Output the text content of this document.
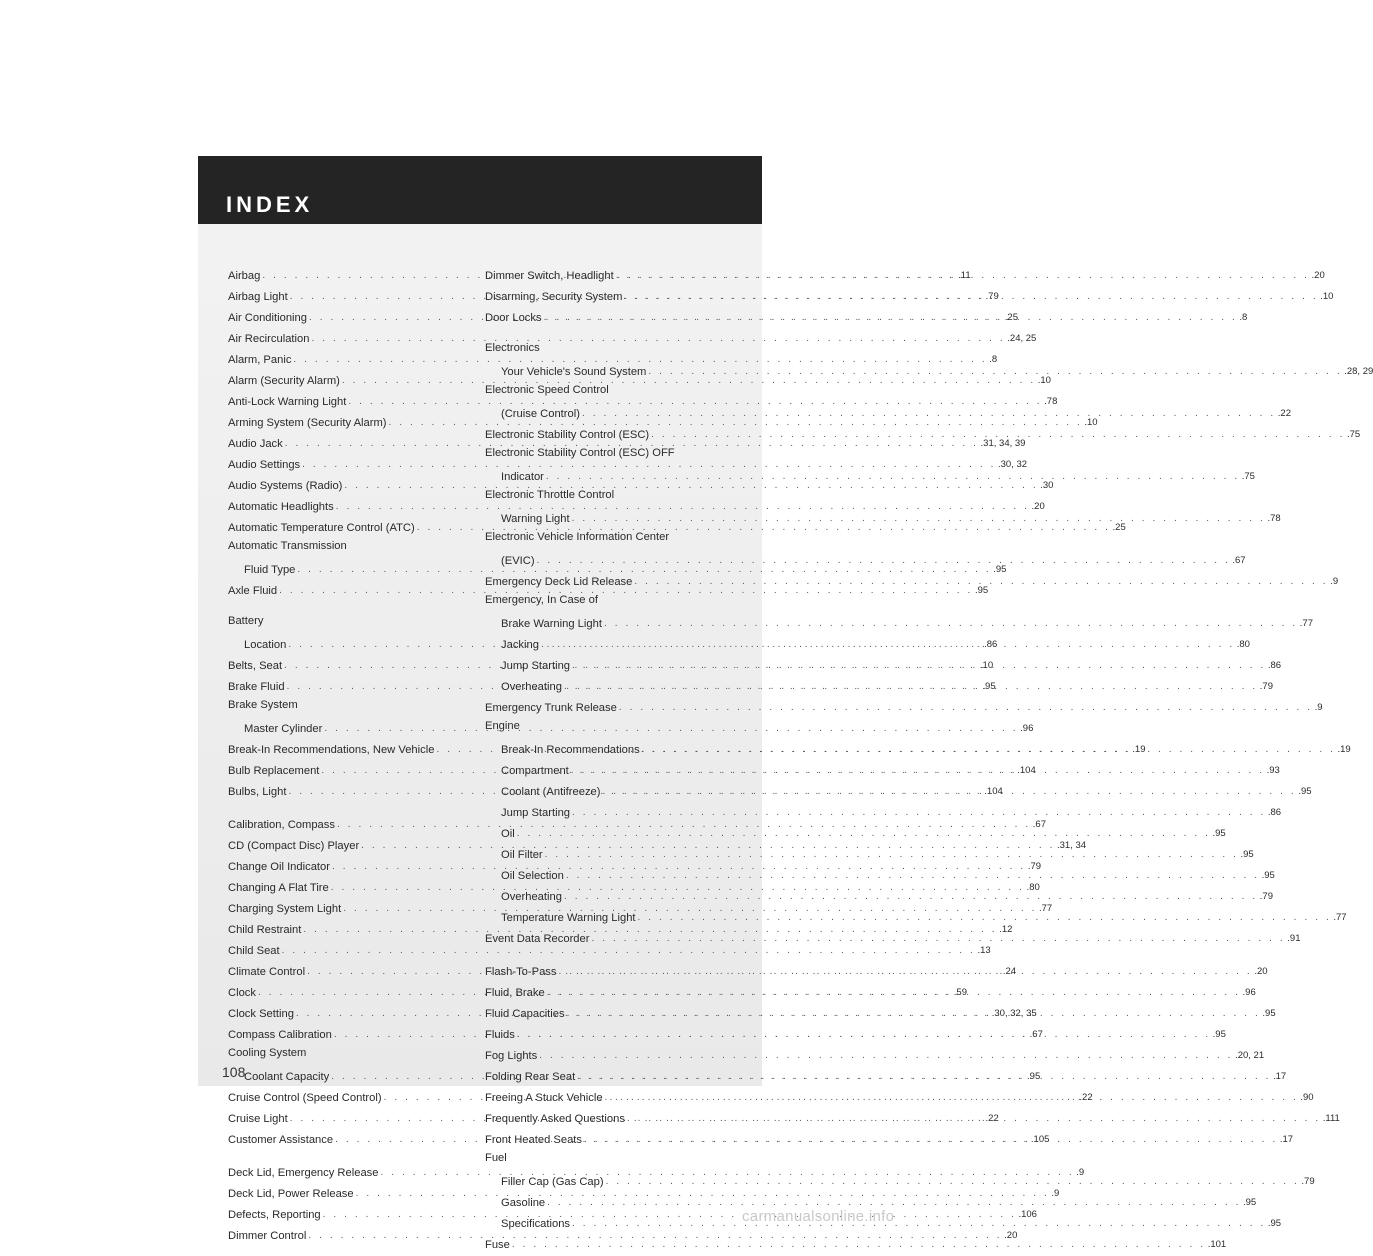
INDEX
Airbag . . .	.11
Airbag Light . . .	.79
Air Conditioning . . .	.25
Air Recirculation . . .	.24, 25
Alarm, Panic . . .	.8
Alarm (Security Alarm) . . .	.10
Anti-Lock Warning Light . . .	.78
Arming System (Security Alarm) . . .	.10
Audio Jack . . .	.31, 34, 39
Audio Settings . . .	.30, 32
Audio Systems (Radio) . . .	.30
Automatic Headlights . . .	.20
Automatic Temperature Control (ATC) . . .	.25
Automatic Transmission
Fluid Type . . .	.95
Axle Fluid . . .	.95
Battery
Location . . .	.86
Belts, Seat . . .	.10
Brake Fluid . . .	.95
Brake System
Master Cylinder . . .	.96
Break-In Recommendations, New Vehicle . . .	.19
Bulb Replacement . . .	.104
Bulbs, Light . . .	.104
Calibration, Compass . . .	.67
CD (Compact Disc) Player . . .	.31, 34
Change Oil Indicator . . .	.79
Changing A Flat Tire . . .	.80
Charging System Light . . .	.77
Child Restraint . . .	.12
Child Seat . . .	.13
Climate Control . . .	.24
Clock . . .	.59
Clock Setting . . .	.30, 32, 35
Compass Calibration . . .	.67
Cooling System
Coolant Capacity . . .	.95
Cruise Control (Speed Control) . . .	.22
Cruise Light . . .	.22
Customer Assistance . . .	.105
Deck Lid, Emergency Release . . .	.9
Deck Lid, Power Release . . .	.9
Defects, Reporting . . .	.106
Dimmer Control . . .	.20
Dimmer Switch, Headlight . . .	.20
Disarming, Security System . . .	.10
Door Locks . . .	.8
Electronics
Your Vehicle's Sound System . . .	.28, 29
Electronic Speed Control
(Cruise Control) . . .	.22
Electronic Stability Control (ESC) . . .	.75
Electronic Stability Control (ESC) OFF
Indicator . . .	.75
Electronic Throttle Control
Warning Light . . .	.78
Electronic Vehicle Information Center
(EVIC) . . .	.67
Emergency Deck Lid Release . . .	.9
Emergency, In Case of
Brake Warning Light . . .	.77
Jacking . . .	.80
Jump Starting . . .	.86
Overheating . . .	.79
Emergency Trunk Release . . .	.9
Engine
Break-In Recommendations . . .	.19
Compartment . . .	.93
Coolant (Antifreeze) . . .	.95
Jump Starting . . .	.86
Oil . . .	.95
Oil Filter . . .	.95
Oil Selection . . .	.95
Overheating . . .	.79
Temperature Warning Light . . .	.77
Event Data Recorder . . .	.91
Flash-To-Pass . . .	.20
Fluid, Brake . . .	.96
Fluid Capacities . . .	.95
Fluids . . .	.95
Fog Lights . . .	.20, 21
Folding Rear Seat . . .	.17
Freeing A Stuck Vehicle . . .	.90
Frequently Asked Questions . . .	.111
Front Heated Seats . . .	.17
Fuel
Filler Cap (Gas Cap) . . .	.79
Gasoline . . .	.95
Specifications . . .	.95
Fuse . . .	.101
108
carmanualsonline.info
